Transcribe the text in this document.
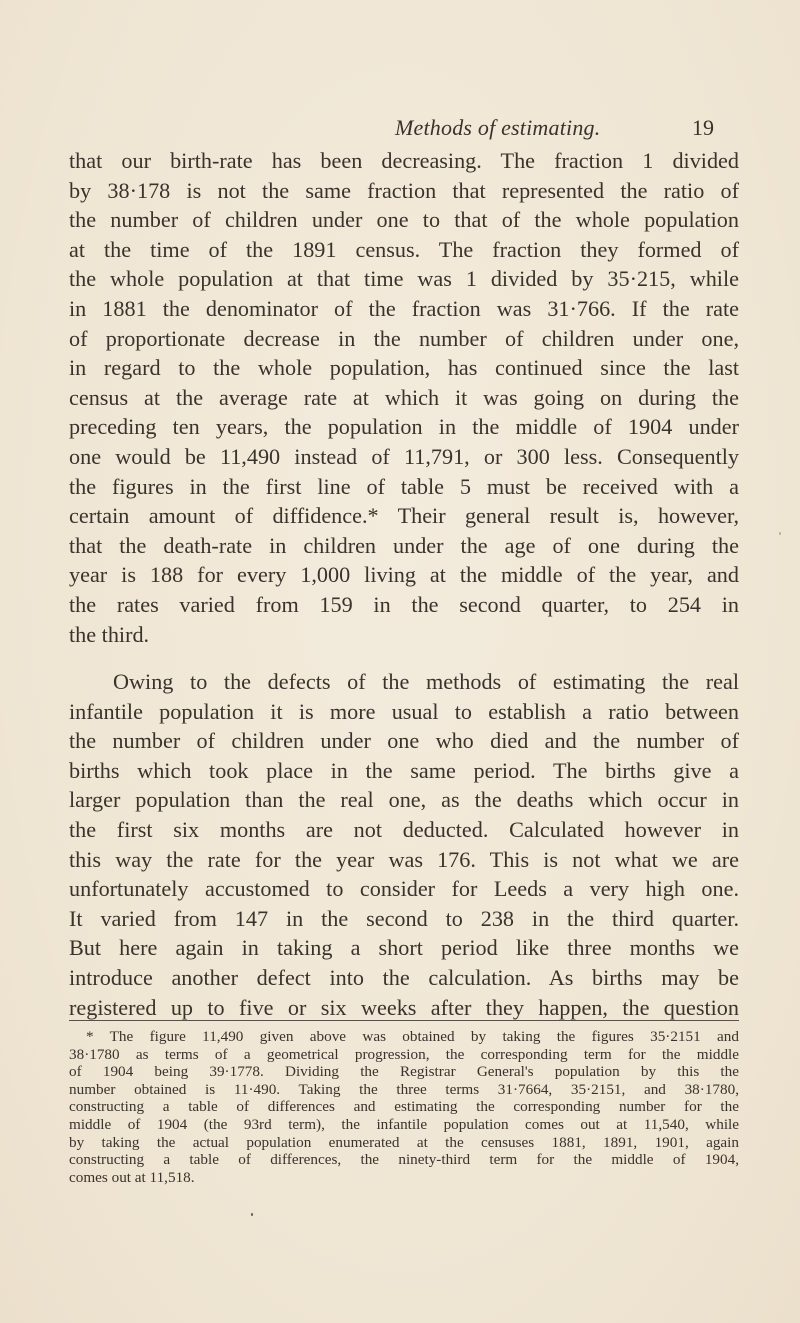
Methods of estimating.	19
that our birth-rate has been decreasing. The fraction 1 divided
by 38·178 is not the same fraction that represented the ratio of
the number of children under one to that of the whole population
at the time of the 1891 census. The fraction they formed of
the whole population at that time was 1 divided by 35·215, while
in 1881 the denominator of the fraction was 31·766. If the rate
of proportionate decrease in the number of children under one,
in regard to the whole population, has continued since the last
census at the average rate at which it was going on during the
preceding ten years, the population in the middle of 1904 under
one would be 11,490 instead of 11,791, or 300 less. Consequently
the figures in the first line of table 5 must be received with a
certain amount of diffidence.* Their general result is, however,
that the death-rate in children under the age of one during the
year is 188 for every 1,000 living at the middle of the year, and
the rates varied from 159 in the second quarter, to 254 in
the third.
Owing to the defects of the methods of estimating the real
infantile population it is more usual to establish a ratio between
the number of children under one who died and the number of
births which took place in the same period. The births give a
larger population than the real one, as the deaths which occur in
the first six months are not deducted. Calculated however in
this way the rate for the year was 176. This is not what we are
unfortunately accustomed to consider for Leeds a very high one.
It varied from 147 in the second to 238 in the third quarter.
But here again in taking a short period like three months we
introduce another defect into the calculation. As births may be
registered up to five or six weeks after they happen, the question
* The figure 11,490 given above was obtained by taking the figures 35·2151 and
38·1780 as terms of a geometrical progression, the corresponding term for the middle
of 1904 being 39·1778. Dividing the Registrar General's population by this the
number obtained is 11·490. Taking the three terms 31·7664, 35·2151, and 38·1780,
constructing a table of differences and estimating the corresponding number for the
middle of 1904 (the 93rd term), the infantile population comes out at 11,540, while
by taking the actual population enumerated at the censuses 1881, 1891, 1901, again
constructing a table of differences, the ninety-third term for the middle of 1904,
comes out at 11,518.
